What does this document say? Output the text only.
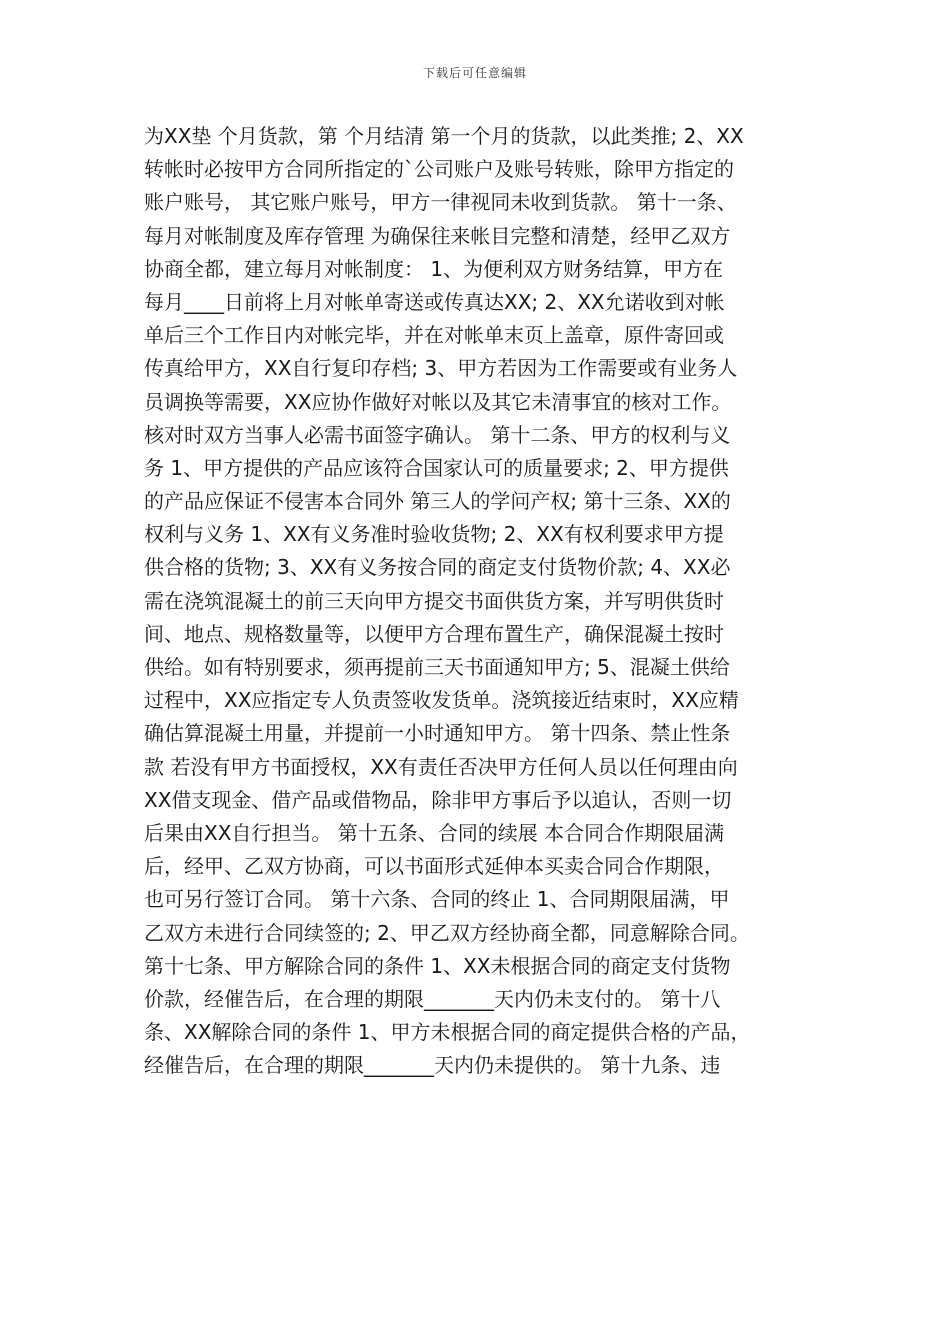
下载后可任意编辑
为XX垫 个月货款，第 个月结清 第一个月的货款，以此类推; 2、XX
转帐时必按甲方合同所指定的`公司账户及账号转账，除甲方指定的
账户账号， 其它账户账号，甲方一律视同未收到货款。 第十一条、
每月对帐制度及库存管理 为确保往来帐目完整和清楚，经甲乙双方
协商全都，建立每月对帐制度： 1、为便利双方财务结算，甲方在
每月____日前将上月对帐单寄送或传真达XX; 2、XX允诺收到对帐
单后三个工作日内对帐完毕，并在对帐单末页上盖章，原件寄回或
传真给甲方，XX自行复印存档; 3、甲方若因为工作需要或有业务人
员调换等需要，XX应协作做好对帐以及其它未清事宜的核对工作。
核对时双方当事人必需书面签字确认。 第十二条、甲方的权利与义
务 1、甲方提供的产品应该符合国家认可的质量要求; 2、甲方提供
的产品应保证不侵害本合同外 第三人的学问产权; 第十三条、XX的
权利与义务 1、XX有义务准时验收货物; 2、XX有权利要求甲方提
供合格的货物; 3、XX有义务按合同的商定支付货物价款; 4、XX必
需在浇筑混凝土的前三天向甲方提交书面供货方案，并写明供货时
间、地点、规格数量等，以便甲方合理布置生产，确保混凝土按时
供给。如有特别要求，须再提前三天书面通知甲方; 5、混凝土供给
过程中，XX应指定专人负责签收发货单。浇筑接近结束时，XX应精
确估算混凝土用量，并提前一小时通知甲方。 第十四条、禁止性条
款 若没有甲方书面授权，XX有责任否决甲方任何人员以任何理由向
XX借支现金、借产品或借物品，除非甲方事后予以追认，否则一切
后果由XX自行担当。 第十五条、合同的续展 本合同合作期限届满
后，经甲、乙双方协商，可以书面形式延伸本买卖合同合作期限，
也可另行签订合同。 第十六条、合同的终止 1、合同期限届满，甲
乙双方未进行合同续签的; 2、甲乙双方经协商全都，同意解除合同。
第十七条、甲方解除合同的条件 1、XX未根据合同的商定支付货物
价款，经催告后，在合理的期限_______天内仍未支付的。 第十八
条、XX解除合同的条件 1、甲方未根据合同的商定提供合格的产品，
经催告后，在合理的期限_______天内仍未提供的。 第十九条、违
